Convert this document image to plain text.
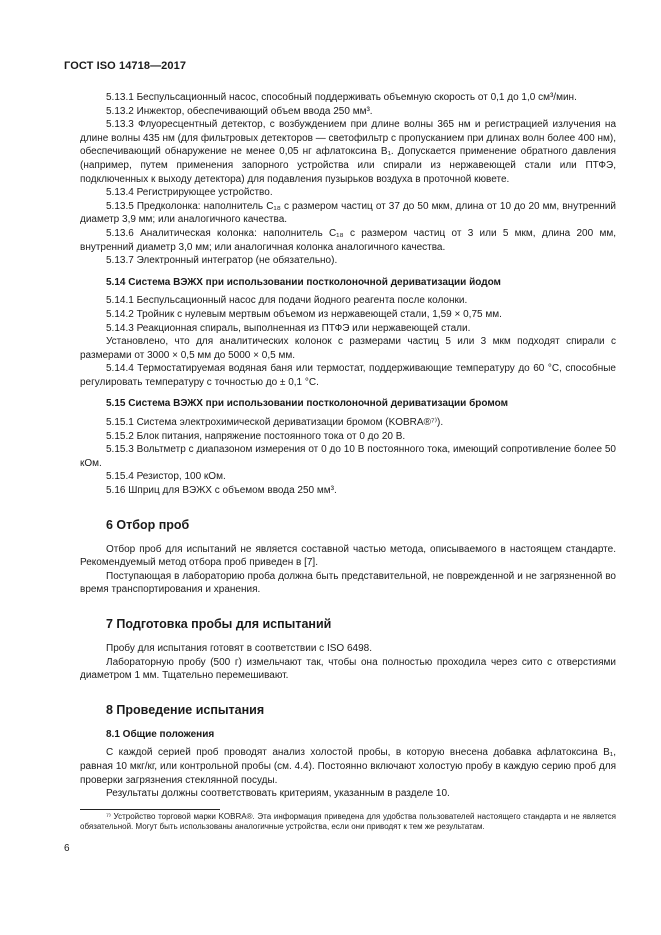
ГОСТ ISO 14718—2017

5.13.1 Беспульсационный насос, способный поддерживать объемную скорость от 0,1 до 1,0 см³/мин.

5.13.2 Инжектор, обеспечивающий объем ввода 250 мм³.

5.13.3 Флуоресцентный детектор, с возбуждением при длине волны 365 нм и регистрацией излучения на длине волны 435 нм (для фильтровых детекторов — светофильтр с пропусканием при длинах волн более 400 нм), обеспечивающий обнаружение не менее 0,05 нг афлатоксина B₁. Допускается применение обратного давления (например, путем применения запорного устройства или спирали из нержавеющей стали или ПТФЭ, подключенных к выходу детектора) для подавления пузырьков воздуха в проточной кювете.

5.13.4 Регистрирующее устройство.

5.13.5 Предколонка: наполнитель C₁₈ с размером частиц от 37 до 50 мкм, длина от 10 до 20 мм, внутренний диаметр 3,9 мм; или аналогичного качества.

5.13.6 Аналитическая колонка: наполнитель C₁₈ с размером частиц от 3 или 5 мкм, длина 200 мм, внутренний диаметр 3,0 мм; или аналогичная колонка аналогичного качества.

5.13.7 Электронный интегратор (не обязательно).

5.14 Система ВЭЖХ при использовании постколоночной дериватизации йодом

5.14.1 Беспульсационный насос для подачи йодного реагента после колонки.

5.14.2 Тройник с нулевым мертвым объемом из нержавеющей стали, 1,59 × 0,75 мм.

5.14.3 Реакционная спираль, выполненная из ПТФЭ или нержавеющей стали.

Установлено, что для аналитических колонок с размерами частиц 5 или 3 мкм подходят спирали с размерами от 3000 × 0,5 мм до 5000 × 0,5 мм.

5.14.4 Термостатируемая водяная баня или термостат, поддерживающие температуру до 60 °С, способные регулировать температуру с точностью до ± 0,1 °С.

5.15 Система ВЭЖХ при использовании постколоночной дериватизации бромом

5.15.1 Система электрохимической дериватизации бромом (KOBRA®⁷⁾).

5.15.2 Блок питания, напряжение постоянного тока от 0 до 20 В.

5.15.3 Вольтметр с диапазоном измерения от 0 до 10 В постоянного тока, имеющий сопротивление более 50 кОм.

5.15.4 Резистор, 100 кОм.

5.16 Шприц для ВЭЖХ с объемом ввода 250 мм³.

6 Отбор проб

Отбор проб для испытаний не является составной частью метода, описываемого в настоящем стандарте. Рекомендуемый метод отбора проб приведен в [7].

Поступающая в лабораторию проба должна быть представительной, не поврежденной и не загрязненной во время транспортирования и хранения.

7 Подготовка пробы для испытаний

Пробу для испытания готовят в соответствии с ISO 6498.

Лабораторную пробу (500 г) измельчают так, чтобы она полностью проходила через сито с отверстиями диаметром 1 мм. Тщательно перемешивают.

8 Проведение испытания

8.1 Общие положения

С каждой серией проб проводят анализ холостой пробы, в которую внесена добавка афлатоксина B₁, равная 10 мкг/кг, или контрольной пробы (см. 4.4). Постоянно включают холостую пробу в каждую серию проб для проверки загрязнения стеклянной посуды.

Результаты должны соответствовать критериям, указанным в разделе 10.

⁷⁾ Устройство торговой марки KOBRA®. Эта информация приведена для удобства пользователей настоящего стандарта и не является обязательной. Могут быть использованы аналогичные устройства, если они приводят к тем же результатам.

6
